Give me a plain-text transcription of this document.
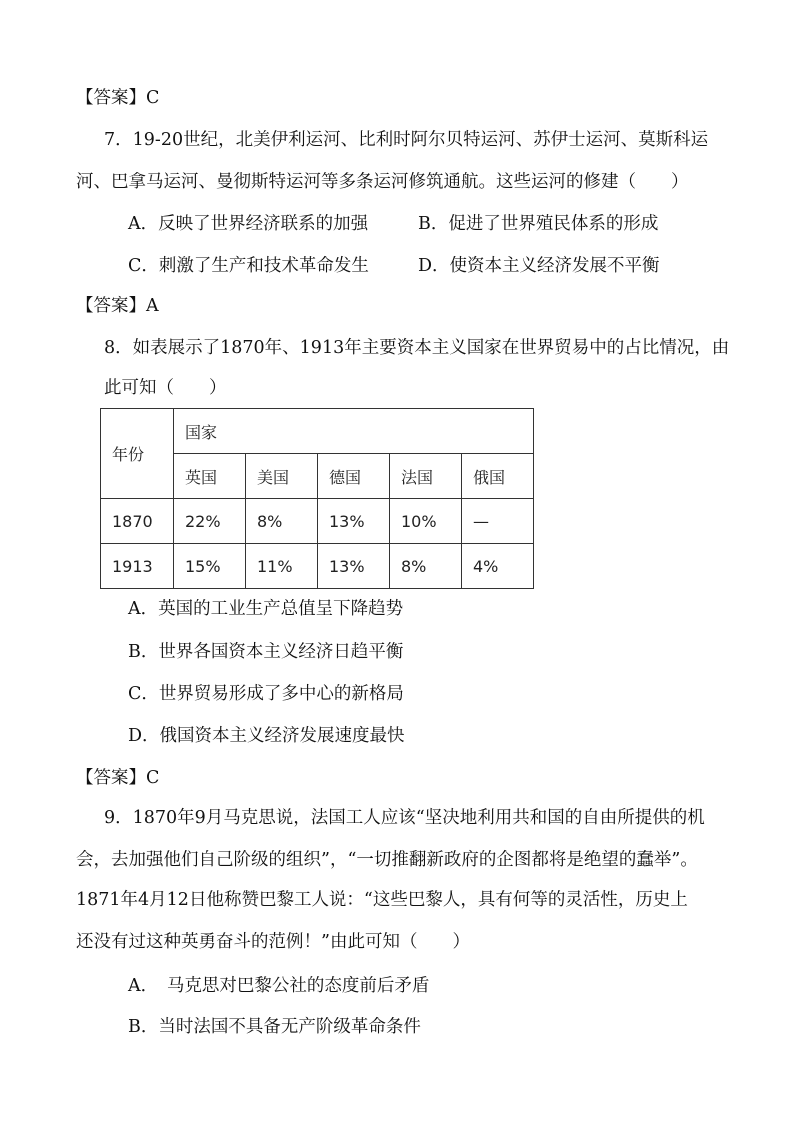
【答案】C
7．19-20世纪，北美伊利运河、比利时阿尔贝特运河、苏伊士运河、莫斯科运
河、巴拿马运河、曼彻斯特运河等多条运河修筑通航。这些运河的修建（　　）
A．反映了世界经济联系的加强	B．促进了世界殖民体系的形成
C．刺激了生产和技术革命发生	D．使资本主义经济发展不平衡
【答案】A
8．如表展示了1870年、1913年主要资本主义国家在世界贸易中的占比情况，由
此可知（　　）
年份	国家				
	英国	美国	德国	法国	俄国
1870	22%	8%	13%	10%	—
1913	15%	11%	13%	8%	4%
A．英国的工业生产总值呈下降趋势
B．世界各国资本主义经济日趋平衡
C．世界贸易形成了多中心的新格局
D．俄国资本主义经济发展速度最快
【答案】C
9．1870年9月马克思说，法国工人应该“坚决地利用共和国的自由所提供的机
会，去加强他们自己阶级的组织”，“一切推翻新政府的企图都将是绝望的蠢举”。
1871年4月12日他称赞巴黎工人说：“这些巴黎人，具有何等的灵活性，历史上
还没有过这种英勇奋斗的范例！”由此可知（　　）
A．　马克思对巴黎公社的态度前后矛盾
B．当时法国不具备无产阶级革命条件
